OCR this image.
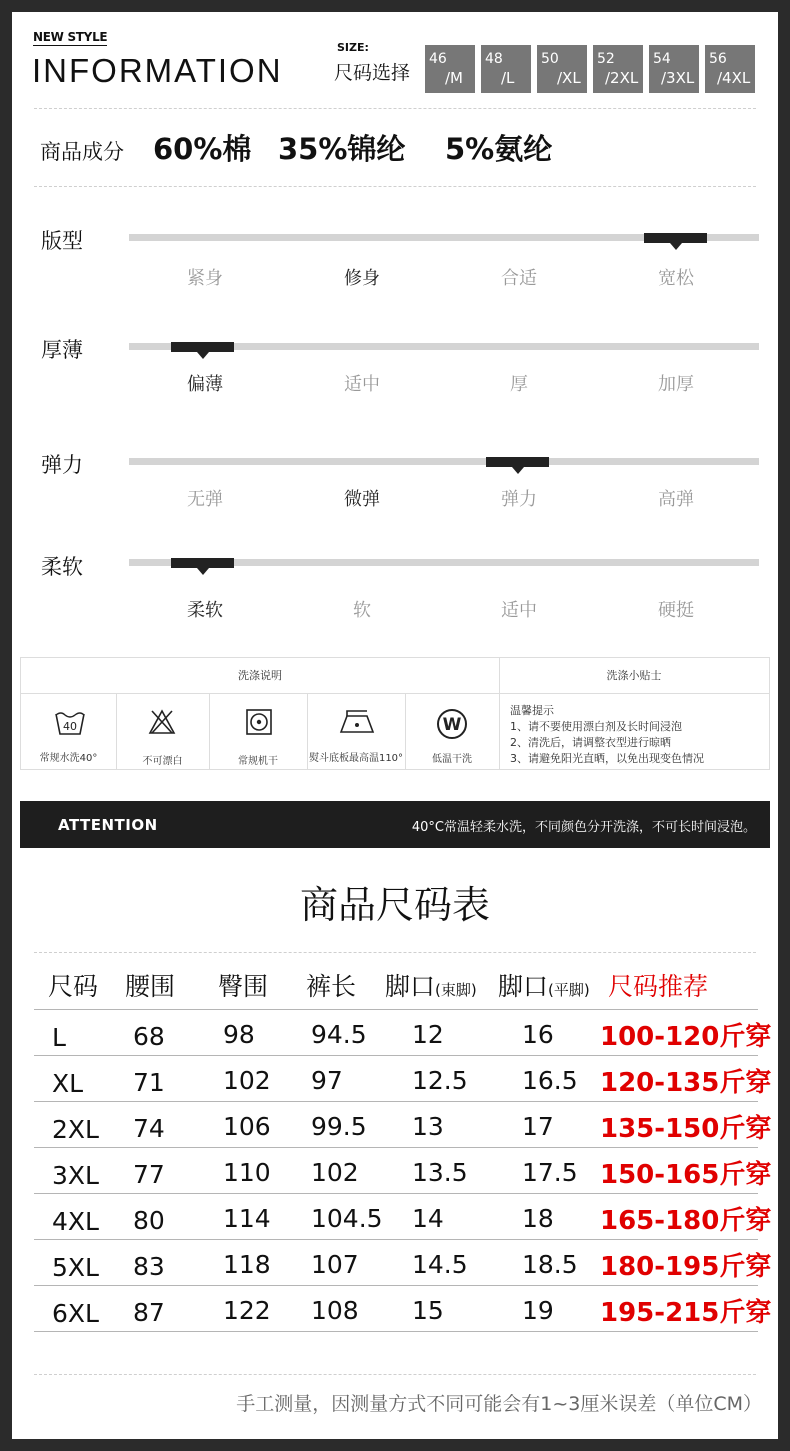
NEW STYLE
INFORMATION
SIZE:
尺码选择
46
/M
48
/L
50
/XL
52
/2XL
54
/3XL
56
/4XL
商品成分 60%棉 35%锦纶 5%氨纶
版型
紧身	修身	合适	宽松
厚薄
偏薄	适中	厚	加厚
弹力
无弹	微弹	弹力	高弹
柔软
柔软	软	适中	硬挺
洗涤说明	洗涤小贴士
40
常规水洗40°	不可漂白	常规机干	熨斗底板最高温110°
W
低温干洗
温馨提示
1、请不要使用漂白剂及长时间浸泡
2、清洗后，请调整衣型进行晾晒
3、请避免阳光直晒，以免出现变色情况
ATTENTION	40°C常温轻柔水洗，不同颜色分开洗涤，不可长时间浸泡。
商品尺码表
尺码 腰围 臀围 裤长 脚口(束脚) 脚口(平脚) 尺码推荐
L	68 98 94.5 12	16 100-120斤穿
XL 71 102 97	12.5 16.5 120-135斤穿
2XL 74 106 99.5 13	17 135-150斤穿
3XL 77 110 102 13.5 17.5 150-165斤穿
4XL 80 114 104.5 14	18 165-180斤穿
5XL 83 118 107 14.5 18.5 180-195斤穿
6XL 87 122 108 15	19 195-215斤穿
手工测量，因测量方式不同可能会有1~3厘米误差（单位CM）
